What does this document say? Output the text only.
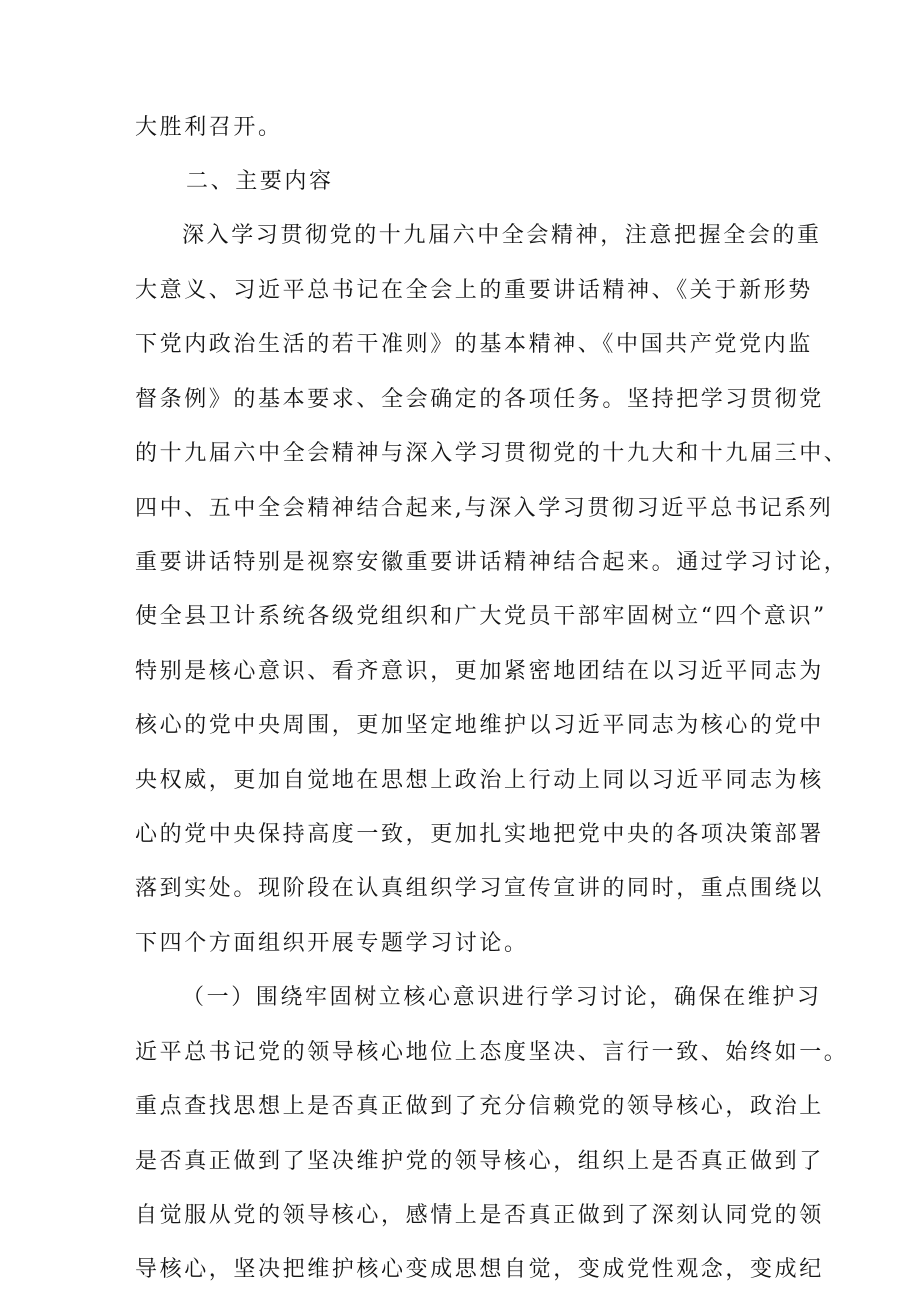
大胜利召开。
二、主要内容
深入学习贯彻党的十九届六中全会精神，注意把握全会的重
大意义、习近平总书记在全会上的重要讲话精神、《关于新形势
下党内政治生活的若干准则》的基本精神、《中国共产党党内监
督条例》的基本要求、全会确定的各项任务。坚持把学习贯彻党
的十九届六中全会精神与深入学习贯彻党的十九大和十九届三中、
四中、五中全会精神结合起来,与深入学习贯彻习近平总书记系列
重要讲话特别是视察安徽重要讲话精神结合起来。通过学习讨论，
使全县卫计系统各级党组织和广大党员干部牢固树立“四个意识”
特别是核心意识、看齐意识，更加紧密地团结在以习近平同志为
核心的党中央周围，更加坚定地维护以习近平同志为核心的党中
央权威，更加自觉地在思想上政治上行动上同以习近平同志为核
心的党中央保持高度一致，更加扎实地把党中央的各项决策部署
落到实处。现阶段在认真组织学习宣传宣讲的同时，重点围绕以
下四个方面组织开展专题学习讨论。
（一）围绕牢固树立核心意识进行学习讨论，确保在维护习
近平总书记党的领导核心地位上态度坚决、言行一致、始终如一。
重点查找思想上是否真正做到了充分信赖党的领导核心，政治上
是否真正做到了坚决维护党的领导核心，组织上是否真正做到了
自觉服从党的领导核心，感情上是否真正做到了深刻认同党的领
导核心，坚决把维护核心变成思想自觉，变成党性观念，变成纪
